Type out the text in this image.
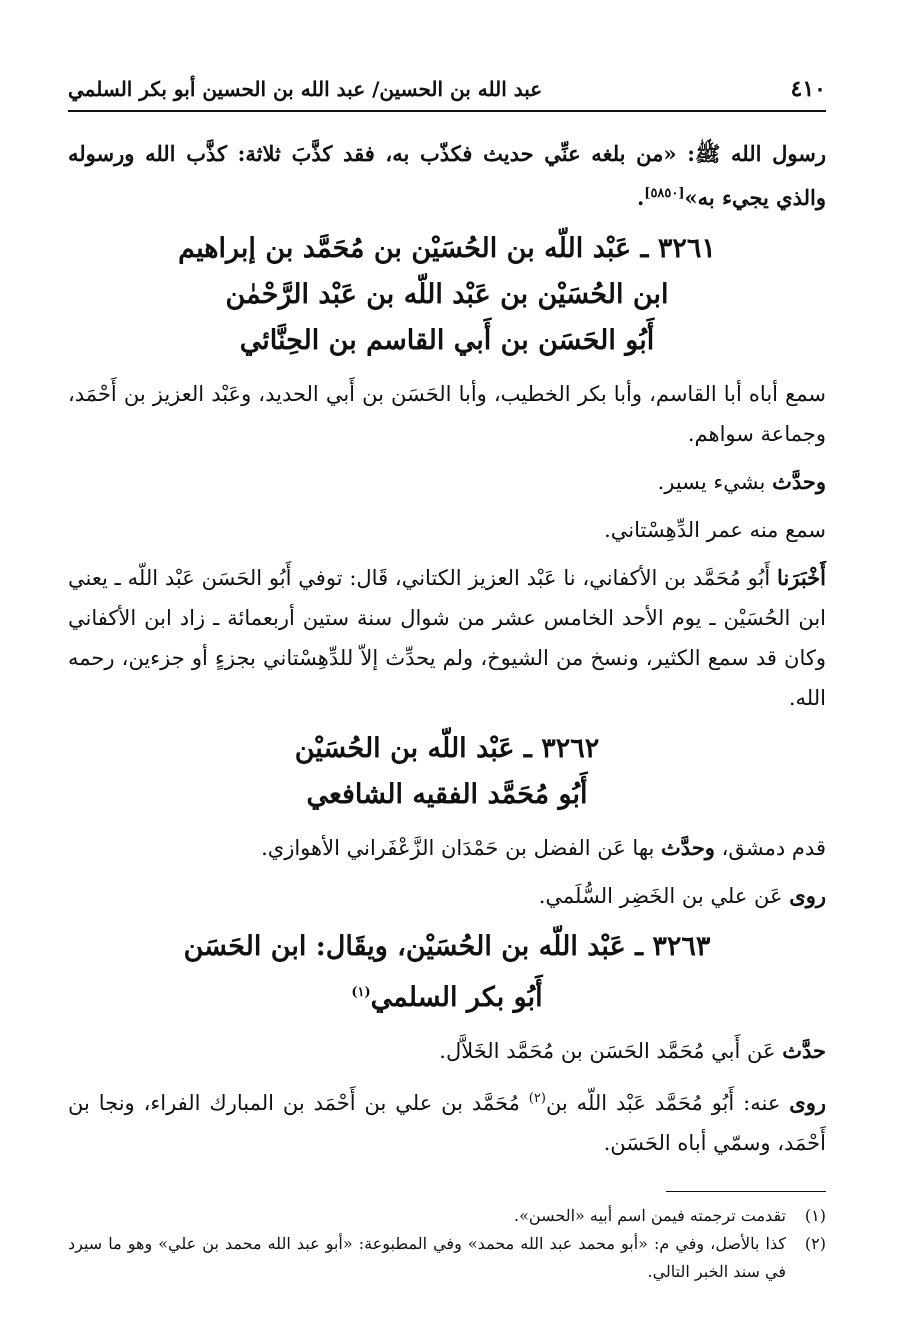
٤١٠
عبد الله بن الحسين/ عبد الله بن الحسين أبو بكر السلمي

رسول الله ﷺ: «من بلغه عنِّي حديث فكذّب به، فقد كذَّبَ ثلاثة: كذَّب الله ورسوله والذي يجيء به»[٥٨٥٠].

٣٢٦١ ـ عَبْد اللّه بن الحُسَيْن بن مُحَمَّد بن إبراهيم
ابن الحُسَيْن بن عَبْد اللّه بن عَبْد الرَّحْمٰن
أَبُو الحَسَن بن أَبي القاسم بن الحِنَّائي

سمع أباه أبا القاسم، وأبا بكر الخطيب، وأبا الحَسَن بن أَبي الحديد، وعَبْد العزيز بن أَحْمَد، وجماعة سواهم.

وحدَّث بشيء يسير.

سمع منه عمر الدِّهِسْتاني.

أَخْبَرَنا أَبُو مُحَمَّد بن الأكفاني، نا عَبْد العزيز الكتاني، قَال: توفي أَبُو الحَسَن عَبْد اللّه ـ يعني ابن الحُسَيْن ـ يوم الأحد الخامس عشر من شوال سنة ستين أربعمائة ـ زاد ابن الأكفاني وكان قد سمع الكثير، ونسخ من الشيوخ، ولم يحدِّث إلاّ للدِّهِسْتاني بجزءٍ أو جزءين، رحمه الله.

٣٢٦٢ ـ عَبْد اللّه بن الحُسَيْن
أَبُو مُحَمَّد الفقيه الشافعي

قدم دمشق، وحدَّث بها عَن الفضل بن حَمْدَان الزَّعْفَراني الأهوازي.

روى عَن علي بن الخَضِر السُّلَمي.

٣٢٦٣ ـ عَبْد اللّه بن الحُسَيْن، ويقَال: ابن الحَسَن
أَبُو بكر السلمي$^{(١)}$

حدَّث عَن أَبي مُحَمَّد الحَسَن بن مُحَمَّد الخَلاَّل.

روى عنه: أَبُو مُحَمَّد عَبْد اللّه بن$^{(٢)}$ مُحَمَّد بن علي بن أَحْمَد بن المبارك الفراء، ونجا بن أَحْمَد، وسمّي أباه الحَسَن.

(١)
تقدمت ترجمته فيمن اسم أبيه «الحسن».
(٢)
كذا بالأصل، وفي م: «أبو محمد عبد الله محمد» وفي المطبوعة: «أبو عبد الله محمد بن علي» وهو ما سيرد في سند الخبر التالي.
